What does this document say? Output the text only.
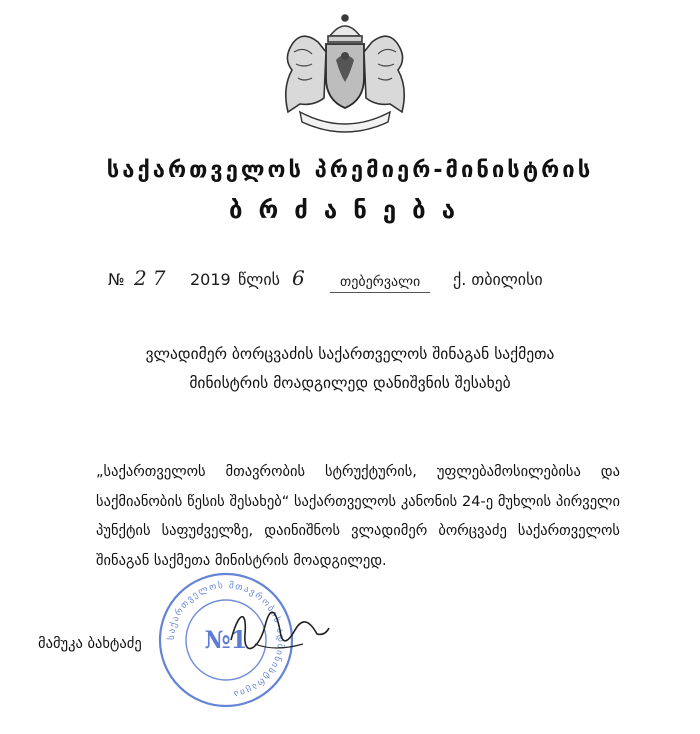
საქართველოს პრემიერ-მინისტრის
ბრძანება
№ 27 2019 წლის 6	თებერვალი	ქ. თბილისი
ვლადიმერ ბორცვაძის საქართველოს შინაგან საქმეთა
მინისტრის მოადგილედ დანიშვნის შესახებ
„საქართველოს მთავრობის სტრუქტურის, უფლებამოსილებისა და საქმიანობის წესის შესახებ“ საქართველოს კანონის 24-ე მუხლის პირველი პუნქტის საფუძველზე, დაინიშნოს ვლადიმერ ბორცვაძე საქართველოს შინაგან საქმეთა მინისტრის მოადგილედ.
საქართველოს მთავრობის ადმინისტრაცია
№1
მამუკა ბახტაძე
